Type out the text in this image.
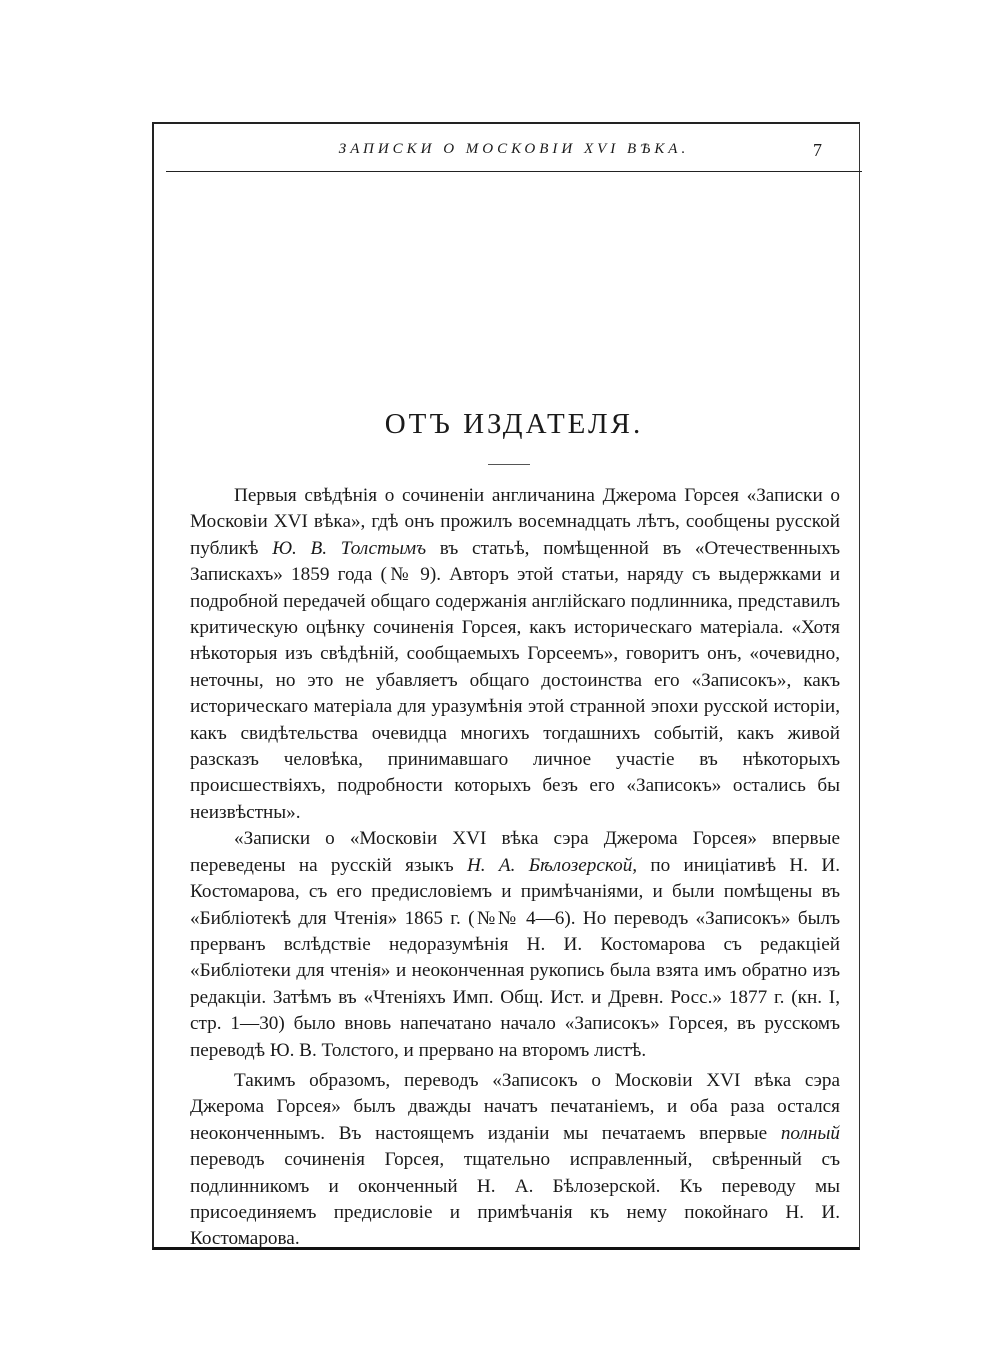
ЗАПИСКИ О МОСКОВІИ XVI ВѢКА.	7
ОТЪ ИЗДАТЕЛЯ.

Первыя свѣдѣнія о сочиненіи англичанина Джерома Горсея «Записки о Московіи XVI вѣка», гдѣ онъ прожилъ восемнадцать лѣтъ, сообщены русской публикѣ Ю. В. Толстымъ въ статьѣ, помѣщенной въ «Отечественныхъ Запискахъ» 1859 года (№ 9). Авторъ этой статьи, наряду съ выдержками и подробной передачей общаго содержанія англійскаго подлинника, представилъ критическую оцѣнку сочиненія Горсея, какъ историческаго матеріала. «Хотя нѣкоторыя изъ свѣдѣній, сообщаемыхъ Горсеемъ», говоритъ онъ, «очевидно, неточны, но это не убавляетъ общаго достоинства его «Записокъ», какъ историческаго матеріала для уразумѣнія этой странной эпохи русской исторіи, какъ свидѣтельства очевидца многихъ тогдашнихъ событій, какъ живой разсказъ человѣка, принимавшаго личное участіе въ нѣкоторыхъ происшествіяхъ, подробности которыхъ безъ его «Записокъ» остались бы неизвѣстны».

«Записки о «Московіи XVI вѣка сэра Джерома Горсея» впервые переведены на русскій языкъ Н. А. Бѣлозерской, по иниціативѣ Н. И. Костомарова, съ его предисловіемъ и примѣчаніями, и были помѣщены въ «Библіотекѣ для Чтенія» 1865 г. (№№ 4—6). Но переводъ «Записокъ» былъ прерванъ вслѣдствіе недоразумѣнія Н. И. Костомарова съ редакціей «Библіотеки для чтенія» и неоконченная рукопись была взята имъ обратно изъ редакціи. Затѣмъ въ «Чтеніяхъ Имп. Общ. Ист. и Древн. Росс.» 1877 г. (кн. I, стр. 1—30) было вновь напечатано начало «Записокъ» Горсея, въ русскомъ переводѣ Ю. В. Толстого, и прервано на второмъ листѣ.

Такимъ образомъ, переводъ «Записокъ о Московіи XVI вѣка сэра Джерома Горсея» былъ дважды начатъ печатаніемъ, и оба раза остался неоконченнымъ. Въ настоящемъ изданіи мы печатаемъ впервые полный переводъ сочиненія Горсея, тщательно исправленный, свѣренный съ подлинникомъ и оконченный Н. А. Бѣлозерской. Къ переводу мы присоединяемъ предисловіе и примѣчанія къ нему покойнаго Н. И. Костомарова.
